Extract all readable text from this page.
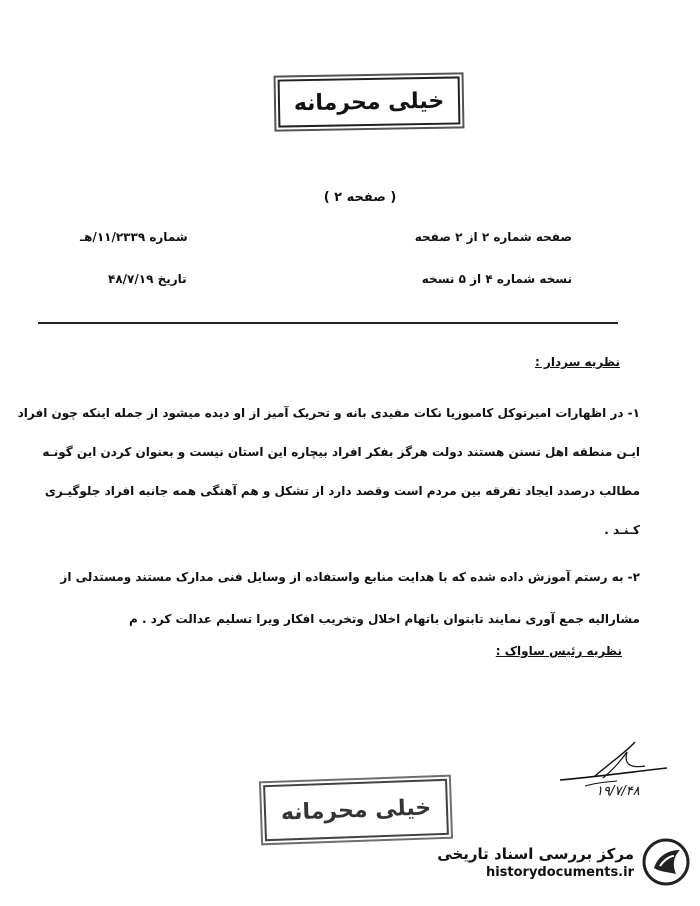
خیلی محرمانه
( صفحه ۲ )
صفحه شماره ۲ از ۲ صفحه
نسخه شماره ۴ از ۵ نسخه
شماره ۱۱/۲۳۳۹/هـ
تاریخ ۴۸/۷/۱۹
نظریه سردار :
۱- در اظهارات امیرتوکل کامبوزیا نکات مفیدی بانه و تحریک آمیز از او دیده میشود از جمله اینکه چون افراد
ایـن منطقه اهل تسنن هستند دولت هرگز بفکر افراد بیچاره این استان نیست و بعنوان کردن این گونـه
مطالب درصدد ایجاد تفرقه بین مردم است وقصد دارد از تشکل و هم آهنگی همه جانبه افراد جلوگیـری
کـنـد .
۲- به رستم آموزش داده شده که با هدایت منابع واستفاده از وسایل فنی مدارک مستند ومستدلی از
مشارالیه جمع آوری نمایند تابتوان باتهام اخلال وتخریب افکار ویرا تسلیم عدالت کرد . م
نظریه رئیس ساواک :
۱۹/۷/۴۸
خیلی محرمانه
مرکز بررسی اسناد تاریخی
historydocuments.ir
